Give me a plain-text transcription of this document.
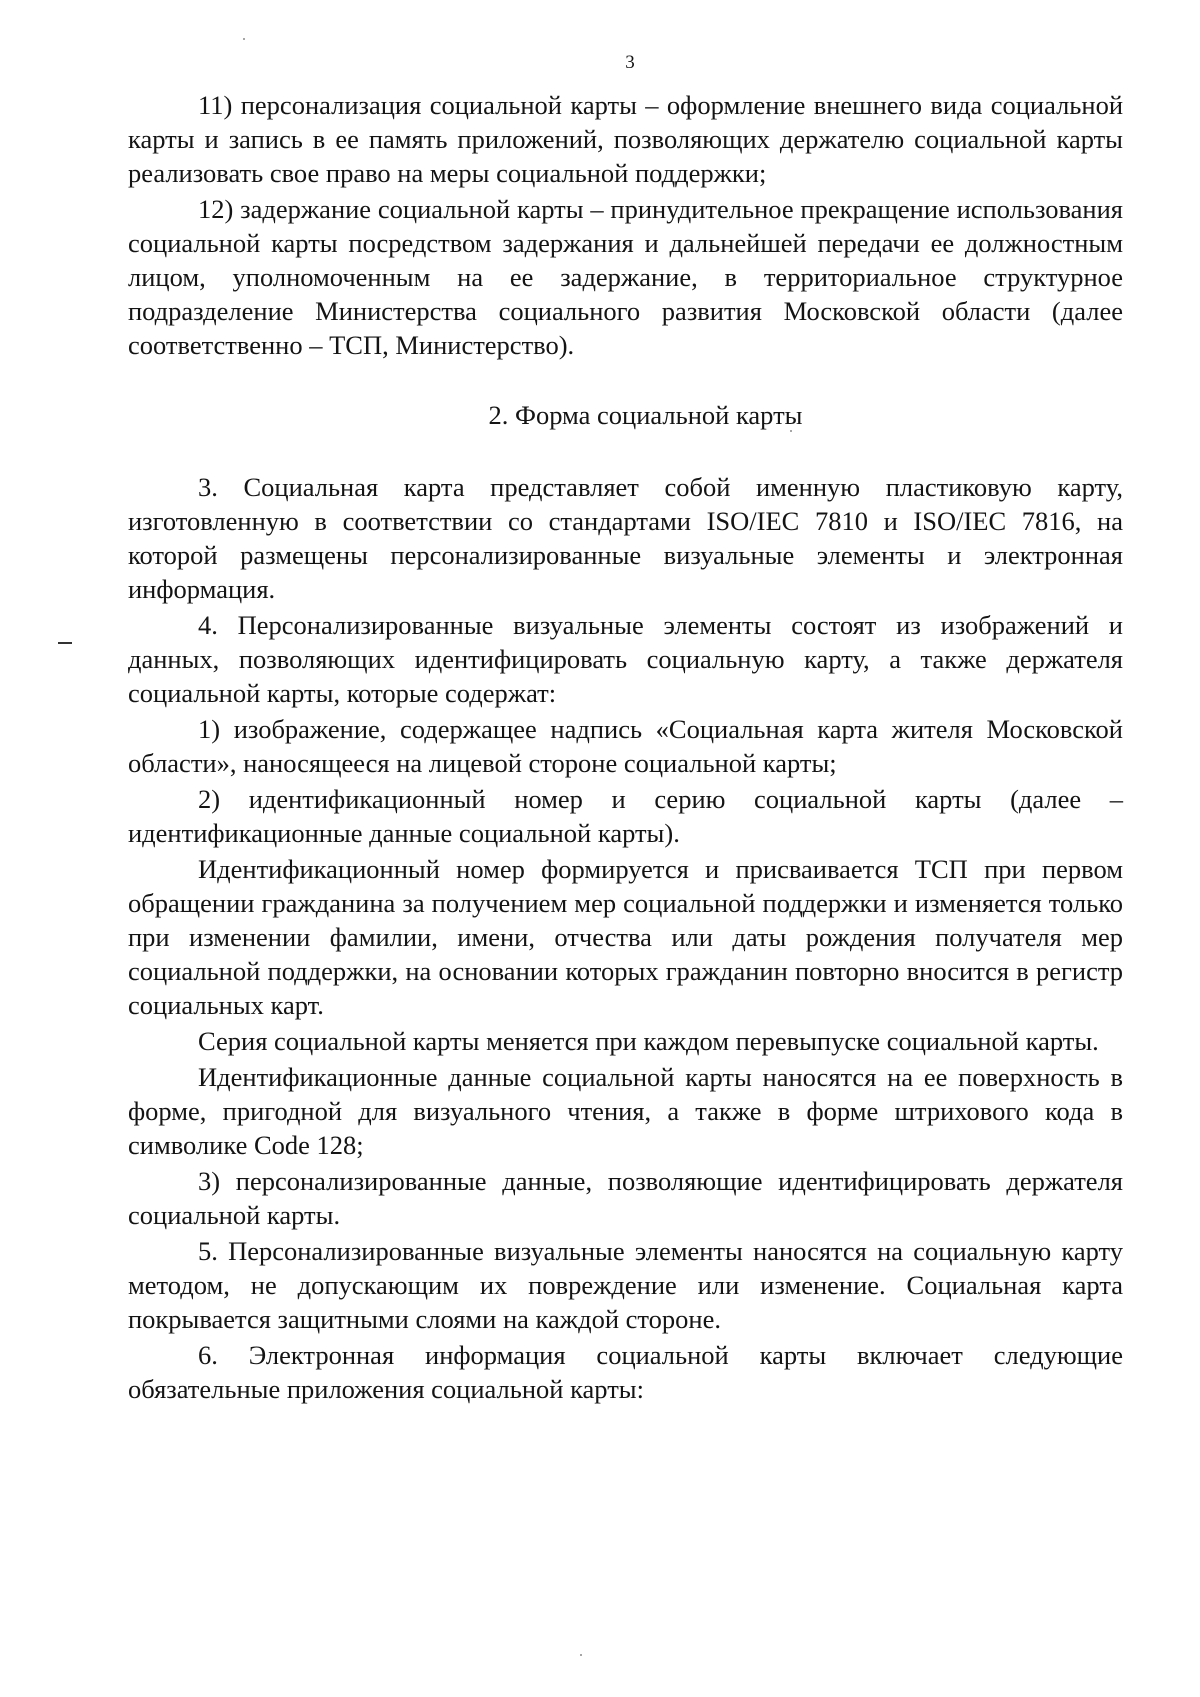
3

11) персонализация социальной карты – оформление внешнего вида социальной карты и запись в ее память приложений, позволяющих держателю социальной карты реализовать свое право на меры социальной поддержки;

12) задержание социальной карты – принудительное прекращение использования социальной карты посредством задержания и дальнейшей передачи ее должностным лицом, уполномоченным на ее задержание, в территориальное структурное подразделение Министерства социального развития Московской области (далее соответственно – ТСП, Министерство).

2. Форма социальной карты

3. Социальная карта представляет собой именную пластиковую карту, изготовленную в соответствии со стандартами ISO/IEC 7810 и ISO/IEC 7816, на которой размещены персонализированные визуальные элементы и электронная информация.

4. Персонализированные визуальные элементы состоят из изображений и данных, позволяющих идентифицировать социальную карту, а также держателя социальной карты, которые содержат:

1) изображение, содержащее надпись «Социальная карта жителя Московской области», наносящееся на лицевой стороне социальной карты;

2) идентификационный номер и серию социальной карты (далее – идентификационные данные социальной карты).

Идентификационный номер формируется и присваивается ТСП при первом обращении гражданина за получением мер социальной поддержки и изменяется только при изменении фамилии, имени, отчества или даты рождения получателя мер социальной поддержки, на основании которых гражданин повторно вносится в регистр социальных карт.

Серия социальной карты меняется при каждом перевыпуске социальной карты.

Идентификационные данные социальной карты наносятся на ее поверхность в форме, пригодной для визуального чтения, а также в форме штрихового кода в символике Code 128;

3) персонализированные данные, позволяющие идентифицировать держателя социальной карты.

5. Персонализированные визуальные элементы наносятся на социальную карту методом, не допускающим их повреждение или изменение. Социальная карта покрывается защитными слоями на каждой стороне.

6. Электронная информация социальной карты включает следующие обязательные приложения социальной карты:
